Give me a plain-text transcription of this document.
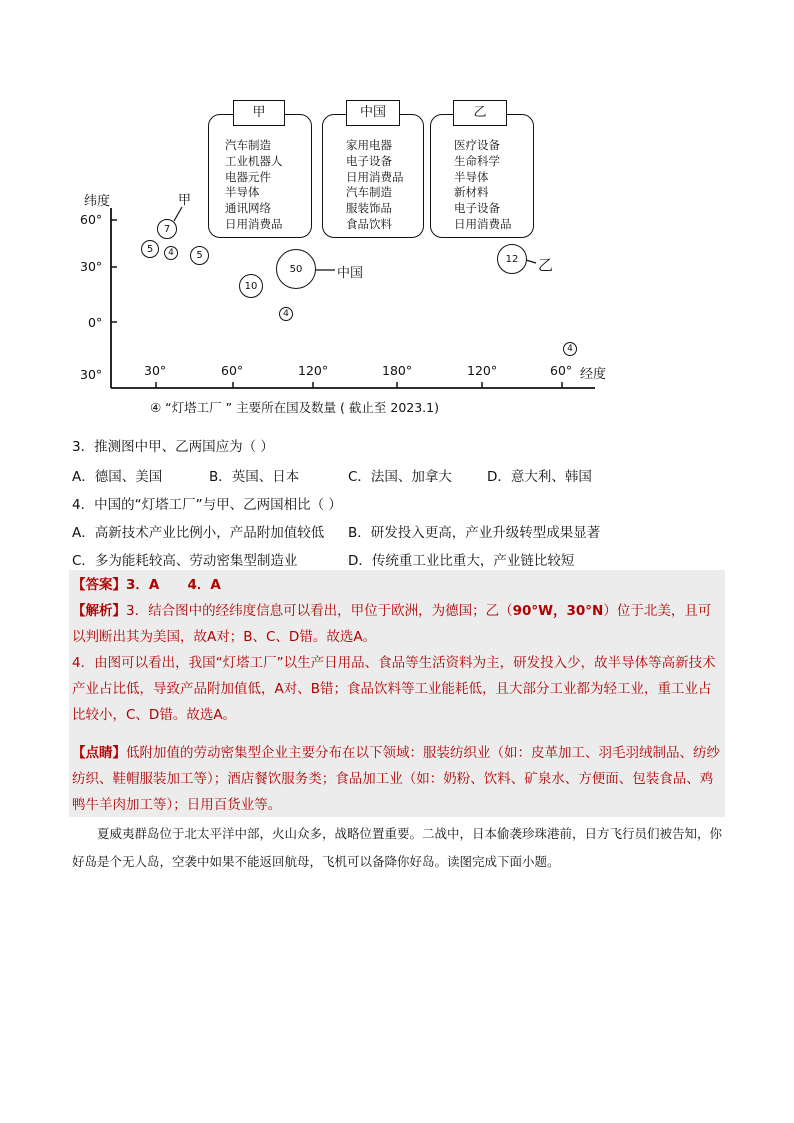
甲
汽车制造
工业机器人
电器元件
半导体
通讯网络
日用消费品
中国
家用电器
电子设备
日用消费品
汽车制造
服装饰品
食品饮料
乙
医疗设备
生命科学
半导体
新材料
电子设备
日用消费品
纬度
经度
60°
30°
0°
30°	30°	60°	120°	180°	120°	60°
7
甲
5	4	5
50	中国
10
4
12	乙
4
④ “灯塔工厂 ” 主要所在国及数量 ( 截止至 2023.1)
3．推测图中甲、乙两国应为（ ）
A．德国、美国	B．英国、日本	C．法国、加拿大	D．意大利、韩国
4．中国的“灯塔工厂”与甲、乙两国相比（ ）
A．高新技术产业比例小，产品附加值较低 B．研发投入更高，产业升级转型成果显著
C．多为能耗较高、劳动密集型制造业	D．传统重工业比重大，产业链比较短
【答案】3．A      4．A
【解析】3．结合图中的经纬度信息可以看出，甲位于欧洲，为德国；乙（90°W，30°N）位于北美，且可以判断出其为美国，故A对；B、C、D错。故选A。
4．由图可以看出，我国“灯塔工厂”以生产日用品、食品等生活资料为主，研发投入少，故半导体等高新技术产业占比低，导致产品附加值低，A对、B错；食品饮料等工业能耗低，且大部分工业都为轻工业，重工业占比较小，C、D错。故选A。
【点睛】低附加值的劳动密集型企业主要分布在以下领域：服装纺织业（如：皮革加工、羽毛羽绒制品、纺纱纺织、鞋帽服装加工等）；酒店餐饮服务类；食品加工业（如：奶粉、饮料、矿泉水、方便面、包装食品、鸡鸭牛羊肉加工等）；日用百货业等。
夏威夷群岛位于北太平洋中部，火山众多，战略位置重要。二战中，日本偷袭珍珠港前，日方飞行员们被告知，你好岛是个无人岛，空袭中如果不能返回航母，飞机可以备降你好岛。读图完成下面小题。
